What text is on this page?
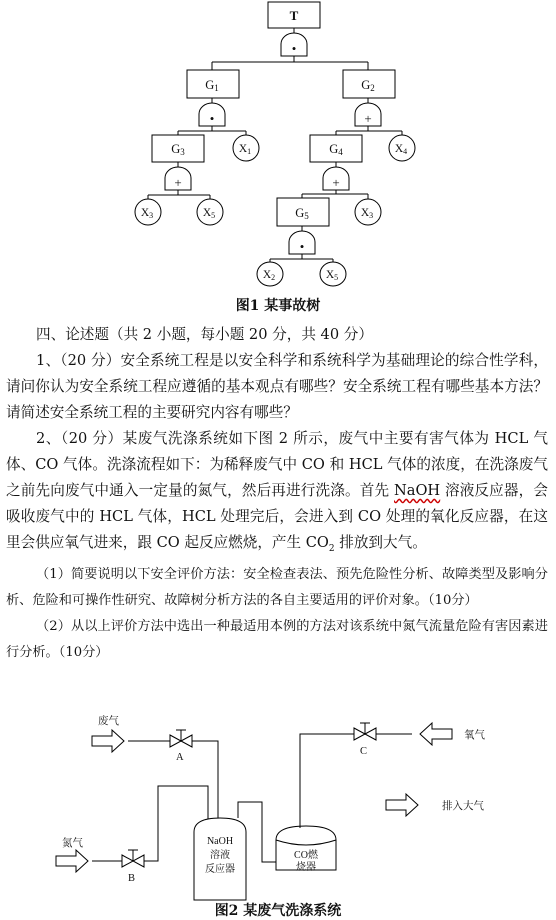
•
•	+
+	+
•
T
G1	G2
G3	G4
G5
X1	X4
X3	X5	X3
X2	X5
图1 某事故树

四、论述题（共 2 小题，每小题 20 分，共 40 分）

1、（20 分）安全系统工程是以安全科学和系统科学为基础理论的综合性学科，请问你认为安全系统工程应遵循的基本观点有哪些？安全系统工程有哪些基本方法？请简述安全系统工程的主要研究内容有哪些？

2、（20 分）某废气洗涤系统如下图 2 所示，废气中主要有害气体为 HCL 气体、CO 气体。洗涤流程如下：为稀释废气中 CO 和 HCL 气体的浓度，在洗涤废气之前先向废气中通入一定量的氮气，然后再进行洗涤。首先 NaOH 溶液反应器，会吸收废气中的 HCL 气体，HCL 处理完后，会进入到 CO 处理的氧化反应器，在这里会供应氧气进来，跟 CO 起反应燃烧，产生 $CO_2$ 排放到大气。

（1）简要说明以下安全评价方法：安全检查表法、预先危险性分析、故障类型及影响分析、危险和可操作性研究、故障树分析方法的各自主要适用的评价对象。（10分）

（2）从以上评价方法中选出一种最适用本例的方法对该系统中氮气流量危险有害因素进行分析。（10分）

废气
A
氮气
B
C
氧气
排入大气
NaOH
溶液
反应器
CO燃
烧器
图2 某废气洗涤系统
